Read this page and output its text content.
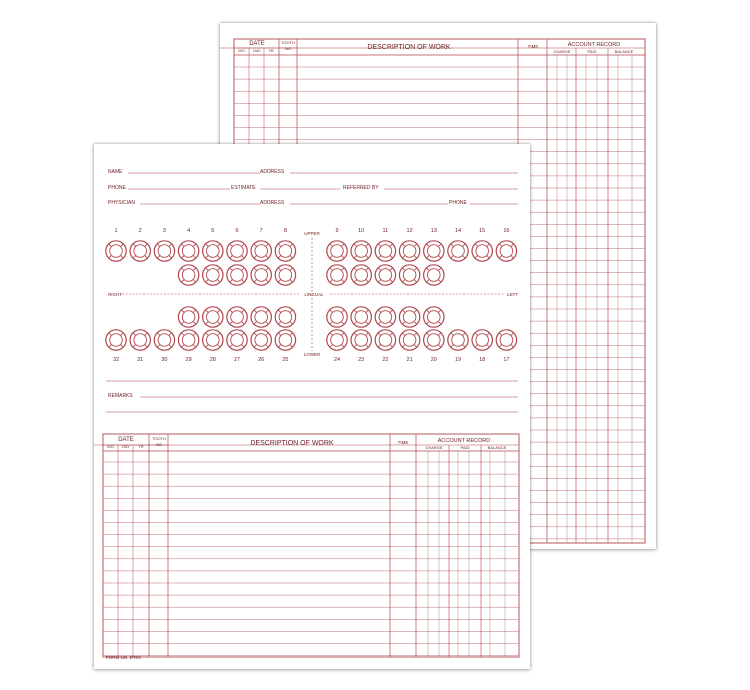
DATE
MO. DAY YR
TOOTH
NO	DESCRIPTION OF WORK	TIME	ACCOUNT RECORD
CHARGE	PAID	BALANCE
NAME	ADDRESS
PHONE	ESTIMATE	REFERRED BY
PHYSICIAN	ADDRESS	PHONE
1
32
2
31
3
30
4
29
5
28
6
27
7
26
8
25
9
24
10
23
11
22
12
21
13
20
14
19
15
18
16
17
UPPER
LOWER
RIGHT	LEFT
LINGUAL
REMARKS
DATE
MO. DAY YR
TOOTH
NO	DESCRIPTION OF WORK	TIME	ACCOUNT RECORD
CHARGE	PAID	BALANCE
FORM NO. D70C
